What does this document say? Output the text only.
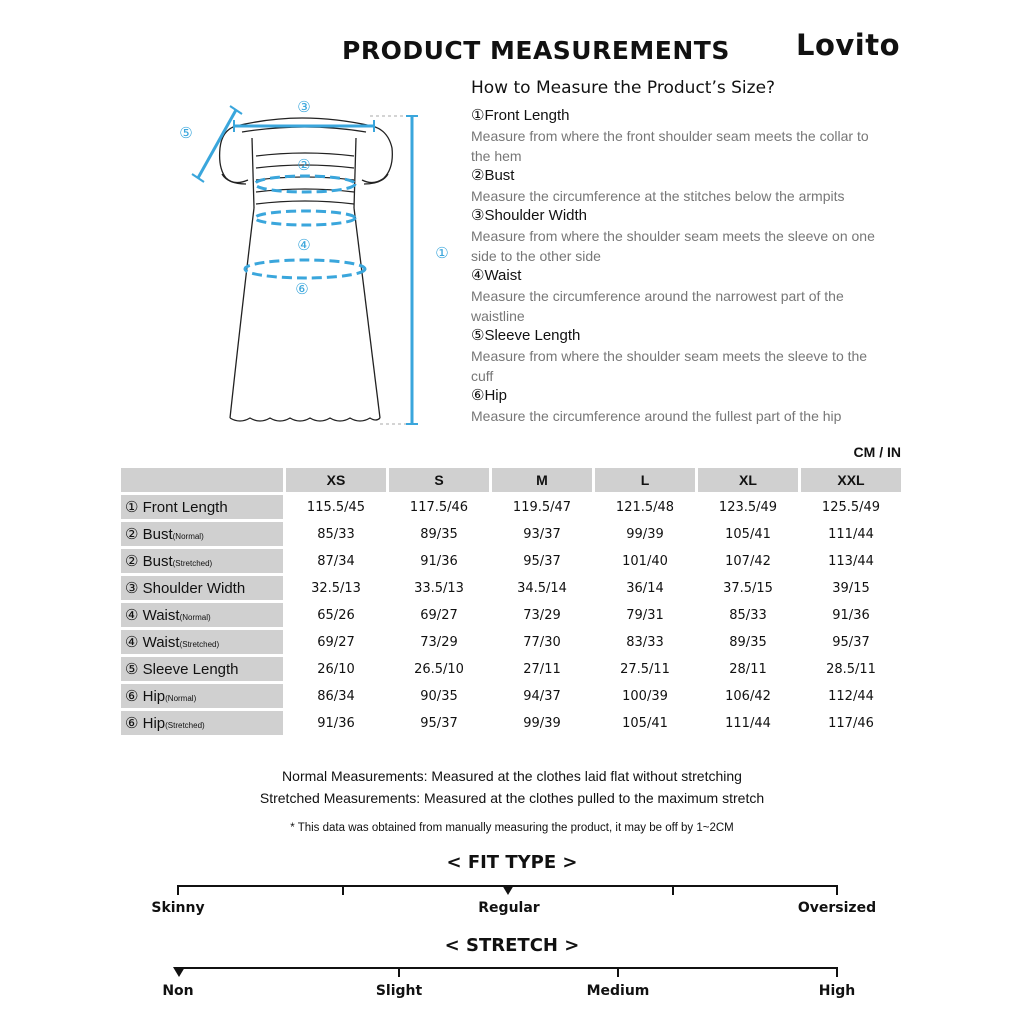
PRODUCT MEASUREMENTS Lovito
③
⑤
②
④
⑥
①
How to Measure the Product’s Size?
①Front Length
Measure from where the front shoulder seam meets the collar to the hem
②Bust
Measure the circumference at the stitches below the armpits
③Shoulder Width
Measure from where the shoulder seam meets the sleeve on one side to the other side
④Waist
Measure the circumference around the narrowest part of the waistline
⑤Sleeve Length
Measure from where the shoulder seam meets the sleeve to the cuff
⑥Hip
Measure the circumference around the fullest part of the hip
CM / IN
	XS	S	M	L	XL	XXL
① Front Length	115.5/45	117.5/46	119.5/47	121.5/48	123.5/49	125.5/49
② Bust(Normal)	85/33	89/35	93/37	99/39	105/41	111/44
② Bust(Stretched)	87/34	91/36	95/37	101/40	107/42	113/44
③ Shoulder Width	32.5/13	33.5/13	34.5/14	36/14	37.5/15	39/15
④ Waist(Normal)	65/26	69/27	73/29	79/31	85/33	91/36
④ Waist(Stretched)	69/27	73/29	77/30	83/33	89/35	95/37
⑤ Sleeve Length	26/10	26.5/10	27/11	27.5/11	28/11	28.5/11
⑥ Hip(Normal)	86/34	90/35	94/37	100/39	106/42	112/44
⑥ Hip(Stretched)	91/36	95/37	99/39	105/41	111/44	117/46
Normal Measurements: Measured at the clothes laid flat without stretching
Stretched Measurements: Measured at the clothes pulled to the maximum stretch
* This data was obtained from manually measuring the product, it may be off by 1~2CM
< FIT TYPE >
Skinny	Regular	Oversized
< STRETCH >
Non	Slight	Medium	High
